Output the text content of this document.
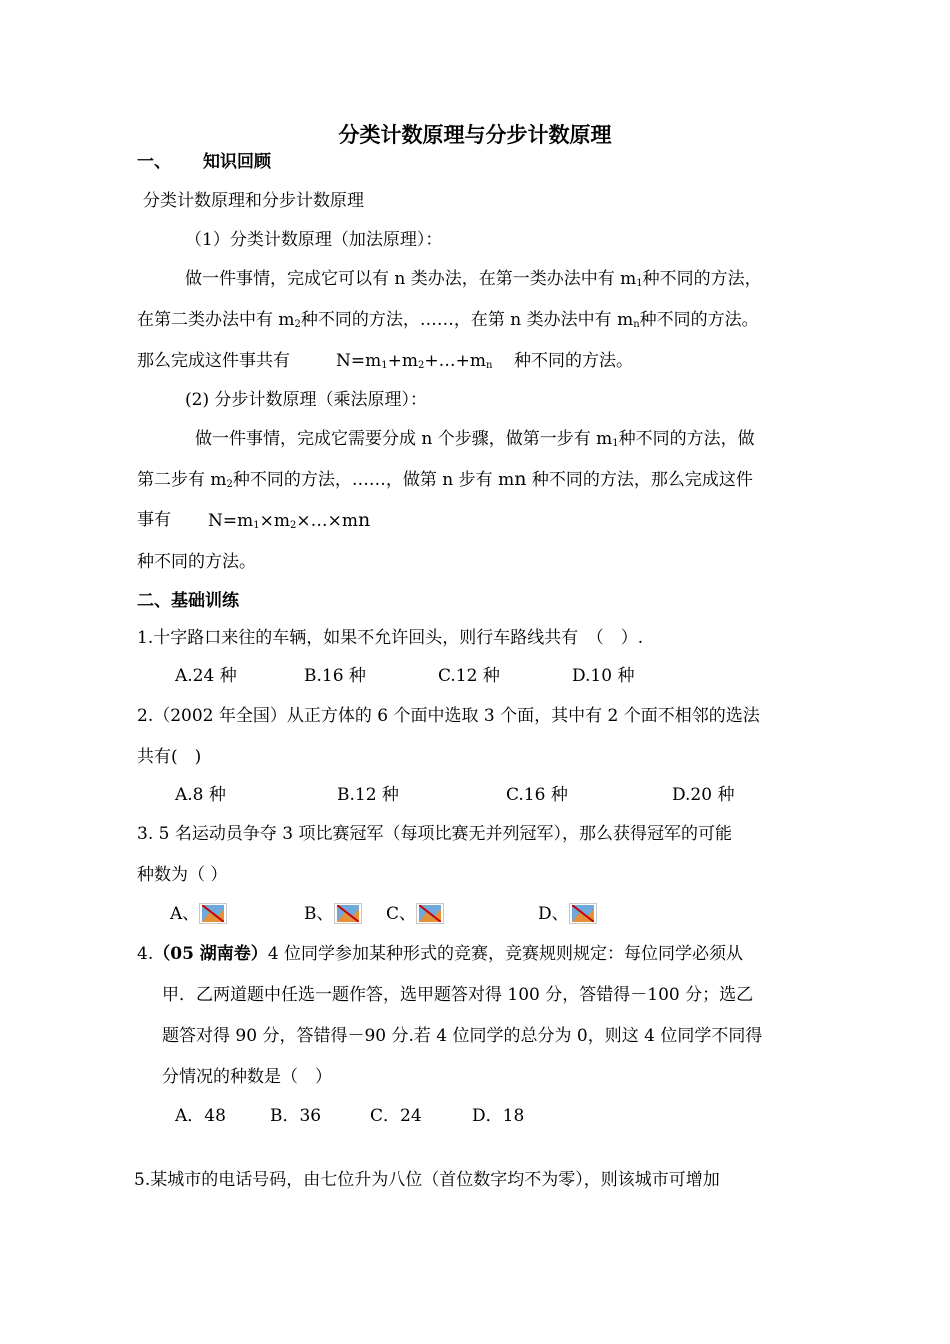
分类计数原理与分步计数原理
一、 知识回顾
分类计数原理和分步计数原理
（1）分类计数原理（加法原理）：
做一件事情，完成它可以有 n 类办法，在第一类办法中有 $m_1$种不同的方法，
在第二类办法中有 $m_2$种不同的方法，……，在第 n 类办法中有 $m_n$种不同的方法。
那么完成这件事共有	$N=m_1+m_2+\dots+m_n$ 种不同的方法。
(2) 分步计数原理（乘法原理）：
做一件事情，完成它需要分成 n 个步骤，做第一步有 $m_1$种不同的方法，做
第二步有 $m_2$种不同的方法，……，做第 n 步有 mn 种不同的方法，那么完成这件
事有 $N=m_1\times m_2\times\dots\times mn$
种不同的方法。
二、基础训练
1.十字路口来往的车辆，如果不允许回头，则行车路线共有　（　）.
A.24 种	B.16 种	C.12 种	D.10 种
2.（2002 年全国）从正方体的 6 个面中选取 3 个面，其中有 2 个面不相邻的选法
共有(　)
A.8 种	B.12 种	C.16 种	D.20 种
3. 5 名运动员争夺 3 项比赛冠军（每项比赛无并列冠军），那么获得冠军的可能
种数为（ ）
A、	B、	C、	D、
4.（05 湖南卷）4 位同学参加某种形式的竞赛，竞赛规则规定：每位同学必须从
甲．乙两道题中任选一题作答，选甲题答对得 100 分，答错得－100 分；选乙
题答对得 90 分，答错得－90 分.若 4 位同学的总分为 0，则这 4 位同学不同得
分情况的种数是（　）
A．48	B．36	C．24	D．18
5.某城市的电话号码，由七位升为八位（首位数字均不为零），则该城市可增加
